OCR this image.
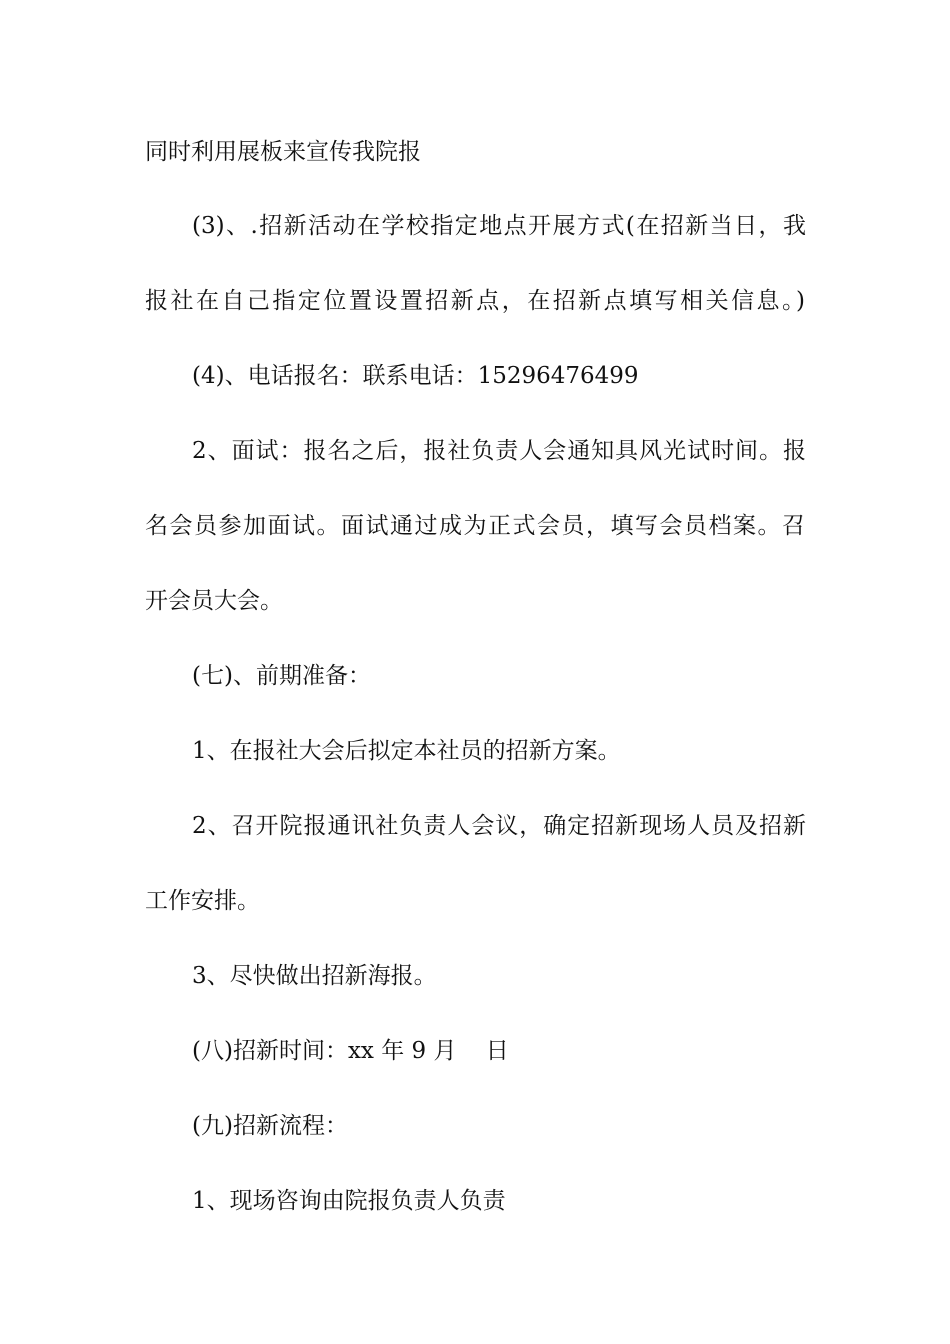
同时利用展板来宣传我院报
(3)、.招新活动在学校指定地点开展方式(在招新当日，我
报社在自己指定位置设置招新点，在招新点填写相关信息。)
(4)、电话报名：联系电话：15296476499
2、面试：报名之后，报社负责人会通知具风光试时间。报
名会员参加面试。面试通过成为正式会员，填写会员档案。召
开会员大会。
(七)、前期准备：
1、在报社大会后拟定本社员的招新方案。
2、召开院报通讯社负责人会议，确定招新现场人员及招新
工作安排。
3、尽快做出招新海报。
(八)招新时间：xx 年 9 月    日
(九)招新流程：
1、现场咨询由院报负责人负责
